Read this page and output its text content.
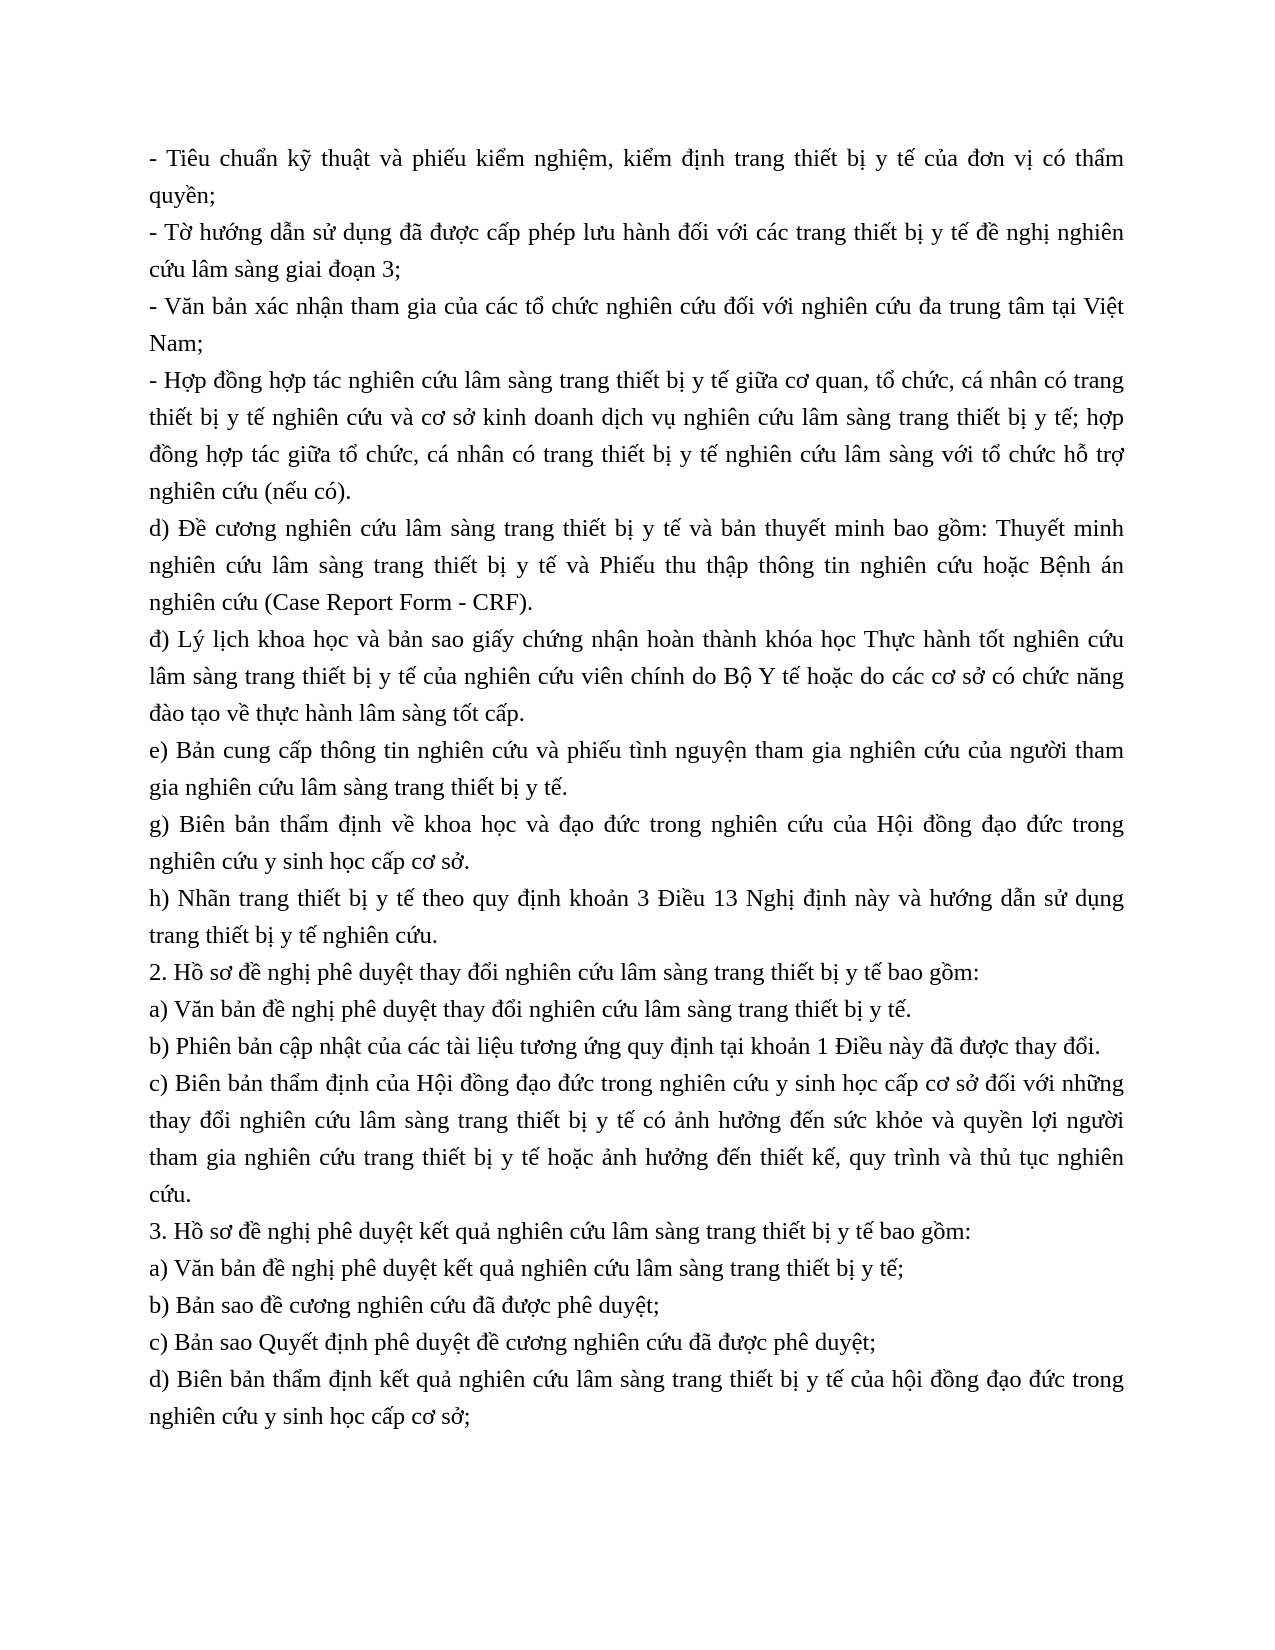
- Tiêu chuẩn kỹ thuật và phiếu kiểm nghiệm, kiểm định trang thiết bị y tế của đơn vị có thẩm quyền;

- Tờ hướng dẫn sử dụng đã được cấp phép lưu hành đối với các trang thiết bị y tế đề nghị nghiên cứu lâm sàng giai đoạn 3;

- Văn bản xác nhận tham gia của các tổ chức nghiên cứu đối với nghiên cứu đa trung tâm tại Việt Nam;

- Hợp đồng hợp tác nghiên cứu lâm sàng trang thiết bị y tế giữa cơ quan, tổ chức, cá nhân có trang thiết bị y tế nghiên cứu và cơ sở kinh doanh dịch vụ nghiên cứu lâm sàng trang thiết bị y tế; hợp đồng hợp tác giữa tổ chức, cá nhân có trang thiết bị y tế nghiên cứu lâm sàng với tổ chức hỗ trợ nghiên cứu (nếu có).

d) Đề cương nghiên cứu lâm sàng trang thiết bị y tế và bản thuyết minh bao gồm: Thuyết minh nghiên cứu lâm sàng trang thiết bị y tế và Phiếu thu thập thông tin nghiên cứu hoặc Bệnh án nghiên cứu (Case Report Form - CRF).

đ) Lý lịch khoa học và bản sao giấy chứng nhận hoàn thành khóa học Thực hành tốt nghiên cứu lâm sàng trang thiết bị y tế của nghiên cứu viên chính do Bộ Y tế hoặc do các cơ sở có chức năng đào tạo về thực hành lâm sàng tốt cấp.

e) Bản cung cấp thông tin nghiên cứu và phiếu tình nguyện tham gia nghiên cứu của người tham gia nghiên cứu lâm sàng trang thiết bị y tế.

g) Biên bản thẩm định về khoa học và đạo đức trong nghiên cứu của Hội đồng đạo đức trong nghiên cứu y sinh học cấp cơ sở.

h) Nhãn trang thiết bị y tế theo quy định khoản 3 Điều 13 Nghị định này và hướng dẫn sử dụng trang thiết bị y tế nghiên cứu.

2. Hồ sơ đề nghị phê duyệt thay đổi nghiên cứu lâm sàng trang thiết bị y tế bao gồm:

a) Văn bản đề nghị phê duyệt thay đổi nghiên cứu lâm sàng trang thiết bị y tế.

b) Phiên bản cập nhật của các tài liệu tương ứng quy định tại khoản 1 Điều này đã được thay đổi.

c) Biên bản thẩm định của Hội đồng đạo đức trong nghiên cứu y sinh học cấp cơ sở đối với những thay đổi nghiên cứu lâm sàng trang thiết bị y tế có ảnh hưởng đến sức khỏe và quyền lợi người tham gia nghiên cứu trang thiết bị y tế hoặc ảnh hưởng đến thiết kế, quy trình và thủ tục nghiên cứu.

3. Hồ sơ đề nghị phê duyệt kết quả nghiên cứu lâm sàng trang thiết bị y tế bao gồm:

a) Văn bản đề nghị phê duyệt kết quả nghiên cứu lâm sàng trang thiết bị y tế;

b) Bản sao đề cương nghiên cứu đã được phê duyệt;

c) Bản sao Quyết định phê duyệt đề cương nghiên cứu đã được phê duyệt;

d) Biên bản thẩm định kết quả nghiên cứu lâm sàng trang thiết bị y tế của hội đồng đạo đức trong nghiên cứu y sinh học cấp cơ sở;
